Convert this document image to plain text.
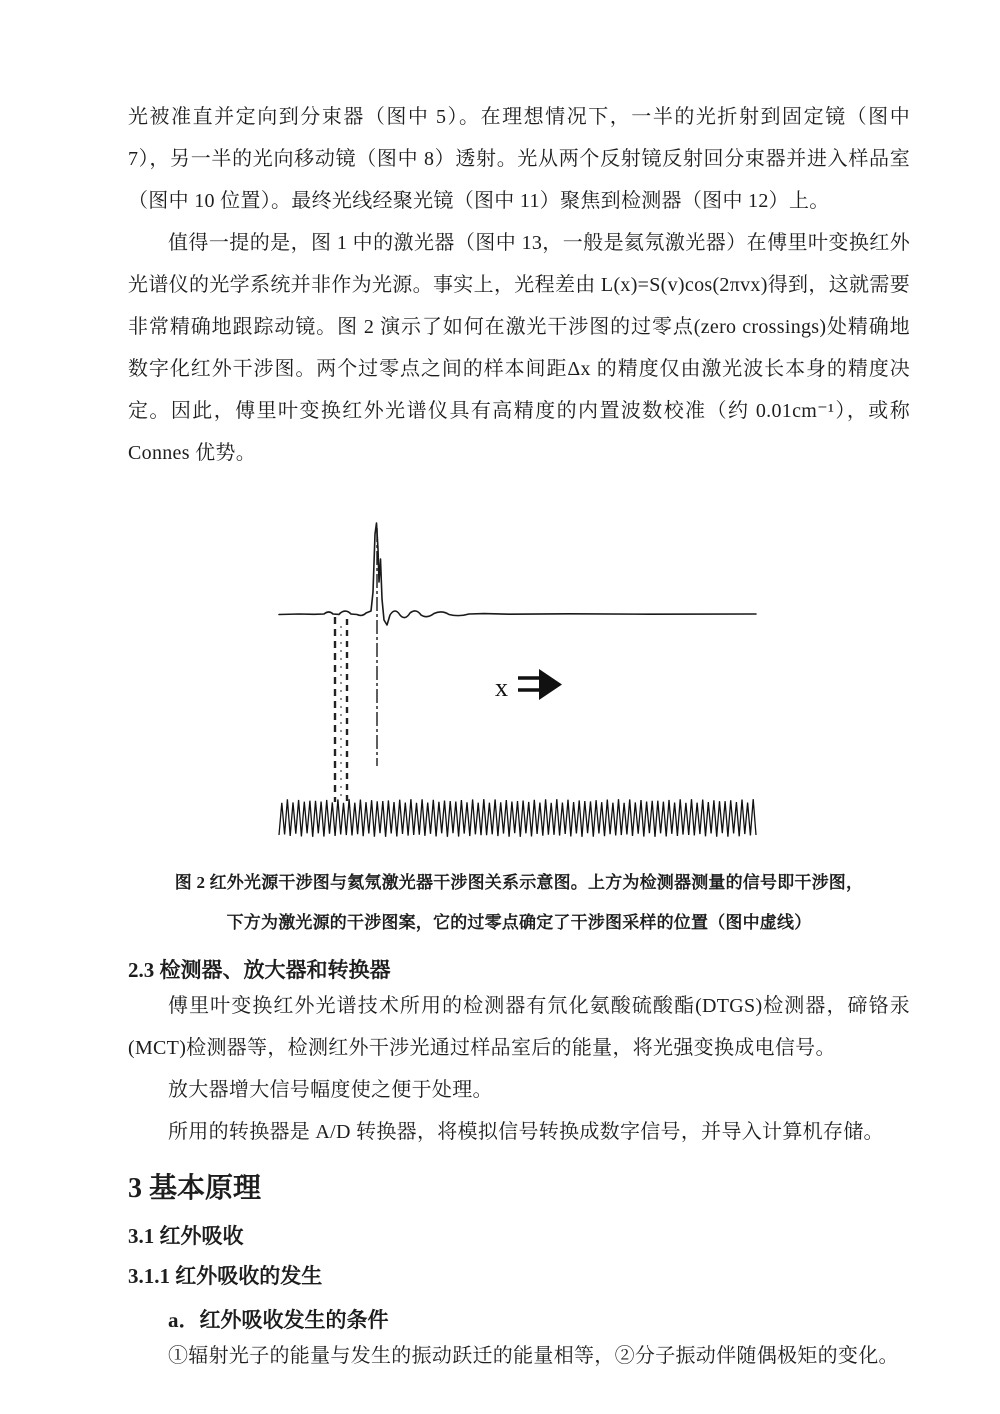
光被准直并定向到分束器（图中 5）。在理想情况下，一半的光折射到固定镜（图中 7），另一半的光向移动镜（图中 8）透射。光从两个反射镜反射回分束器并进入样品室（图中 10 位置）。最终光线经聚光镜（图中 11）聚焦到检测器（图中 12）上。

值得一提的是，图 1 中的激光器（图中 13，一般是氦氖激光器）在傅里叶变换红外光谱仪的光学系统并非作为光源。事实上，光程差由 L(x)=S(v)cos(2πvx)得到，这就需要非常精确地跟踪动镜。图 2 演示了如何在激光干涉图的过零点(zero crossings)处精确地数字化红外干涉图。两个过零点之间的样本间距Δx 的精度仅由激光波长本身的精度决定。因此，傅里叶变换红外光谱仪具有高精度的内置波数校准（约 0.01cm⁻¹），或称 Connes 优势。

x

图 2 红外光源干涉图与氦氖激光器干涉图关系示意图。上方为检测器测量的信号即干涉图，

下方为激光源的干涉图案，它的过零点确定了干涉图采样的位置（图中虚线）

2.3 检测器、放大器和转换器

傅里叶变换红外光谱技术所用的检测器有氘化氨酸硫酸酯(DTGS)检测器，碲铬汞(MCT)检测器等，检测红外干涉光通过样品室后的能量，将光强变换成电信号。

放大器增大信号幅度使之便于处理。

所用的转换器是 A/D 转换器，将模拟信号转换成数字信号，并导入计算机存储。

3 基本原理
3.1 红外吸收
3.1.1 红外吸收的发生
a．红外吸收发生的条件

①辐射光子的能量与发生的振动跃迁的能量相等，②分子振动伴随偶极矩的变化。
